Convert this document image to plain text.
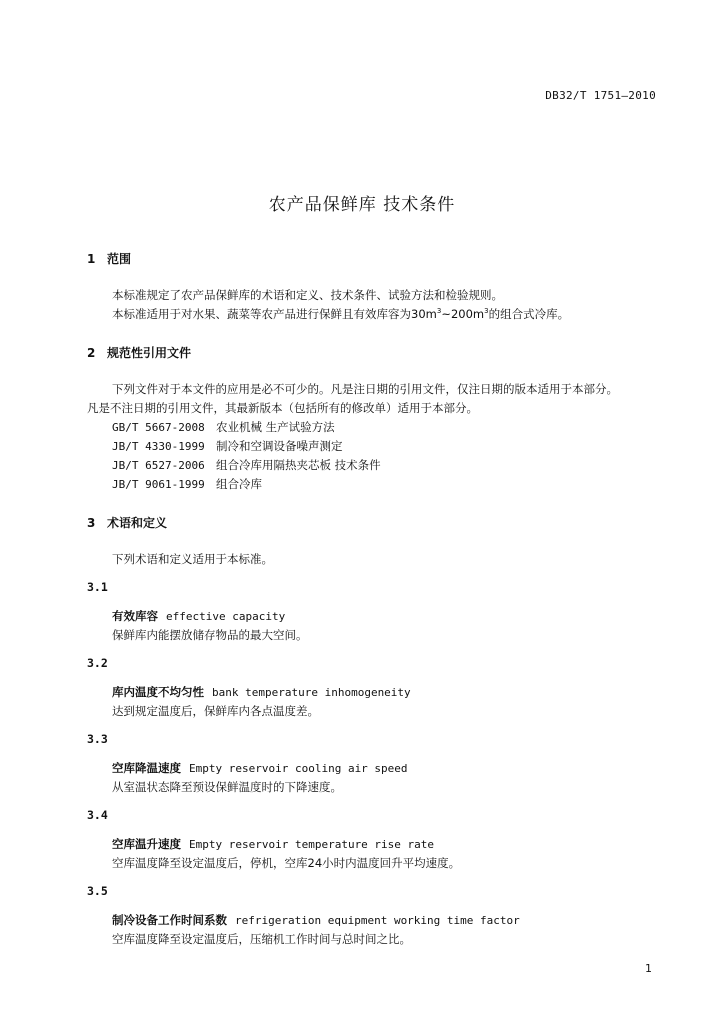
DB32/T 1751—2010
农产品保鲜库 技术条件
1 范围
本标准规定了农产品保鲜库的术语和定义、技术条件、试验方法和检验规则。
本标准适用于对水果、蔬菜等农产品进行保鲜且有效库容为$30m^3\sim 200m^3$的组合式冷库。
2 规范性引用文件
下列文件对于本文件的应用是必不可少的。凡是注日期的引用文件，仅注日期的版本适用于本部分。
凡是不注日期的引用文件，其最新版本（包括所有的修改单）适用于本部分。
GB/T 5667-2008 农业机械 生产试验方法
JB/T 4330-1999 制冷和空调设备噪声测定
JB/T 6527-2006 组合冷库用隔热夹芯板 技术条件
JB/T 9061-1999 组合冷库
3 术语和定义
下列术语和定义适用于本标准。
3.1
有效库容 effective capacity
保鲜库内能摆放储存物品的最大空间。
3.2
库内温度不均匀性 bank temperature inhomogeneity
达到规定温度后，保鲜库内各点温度差。
3.3
空库降温速度 Empty reservoir cooling air speed
从室温状态降至预设保鲜温度时的下降速度。
3.4
空库温升速度 Empty reservoir temperature rise rate
空库温度降至设定温度后，停机，空库24小时内温度回升平均速度。
3.5
制冷设备工作时间系数 refrigeration equipment working time factor
空库温度降至设定温度后，压缩机工作时间与总时间之比。
1
